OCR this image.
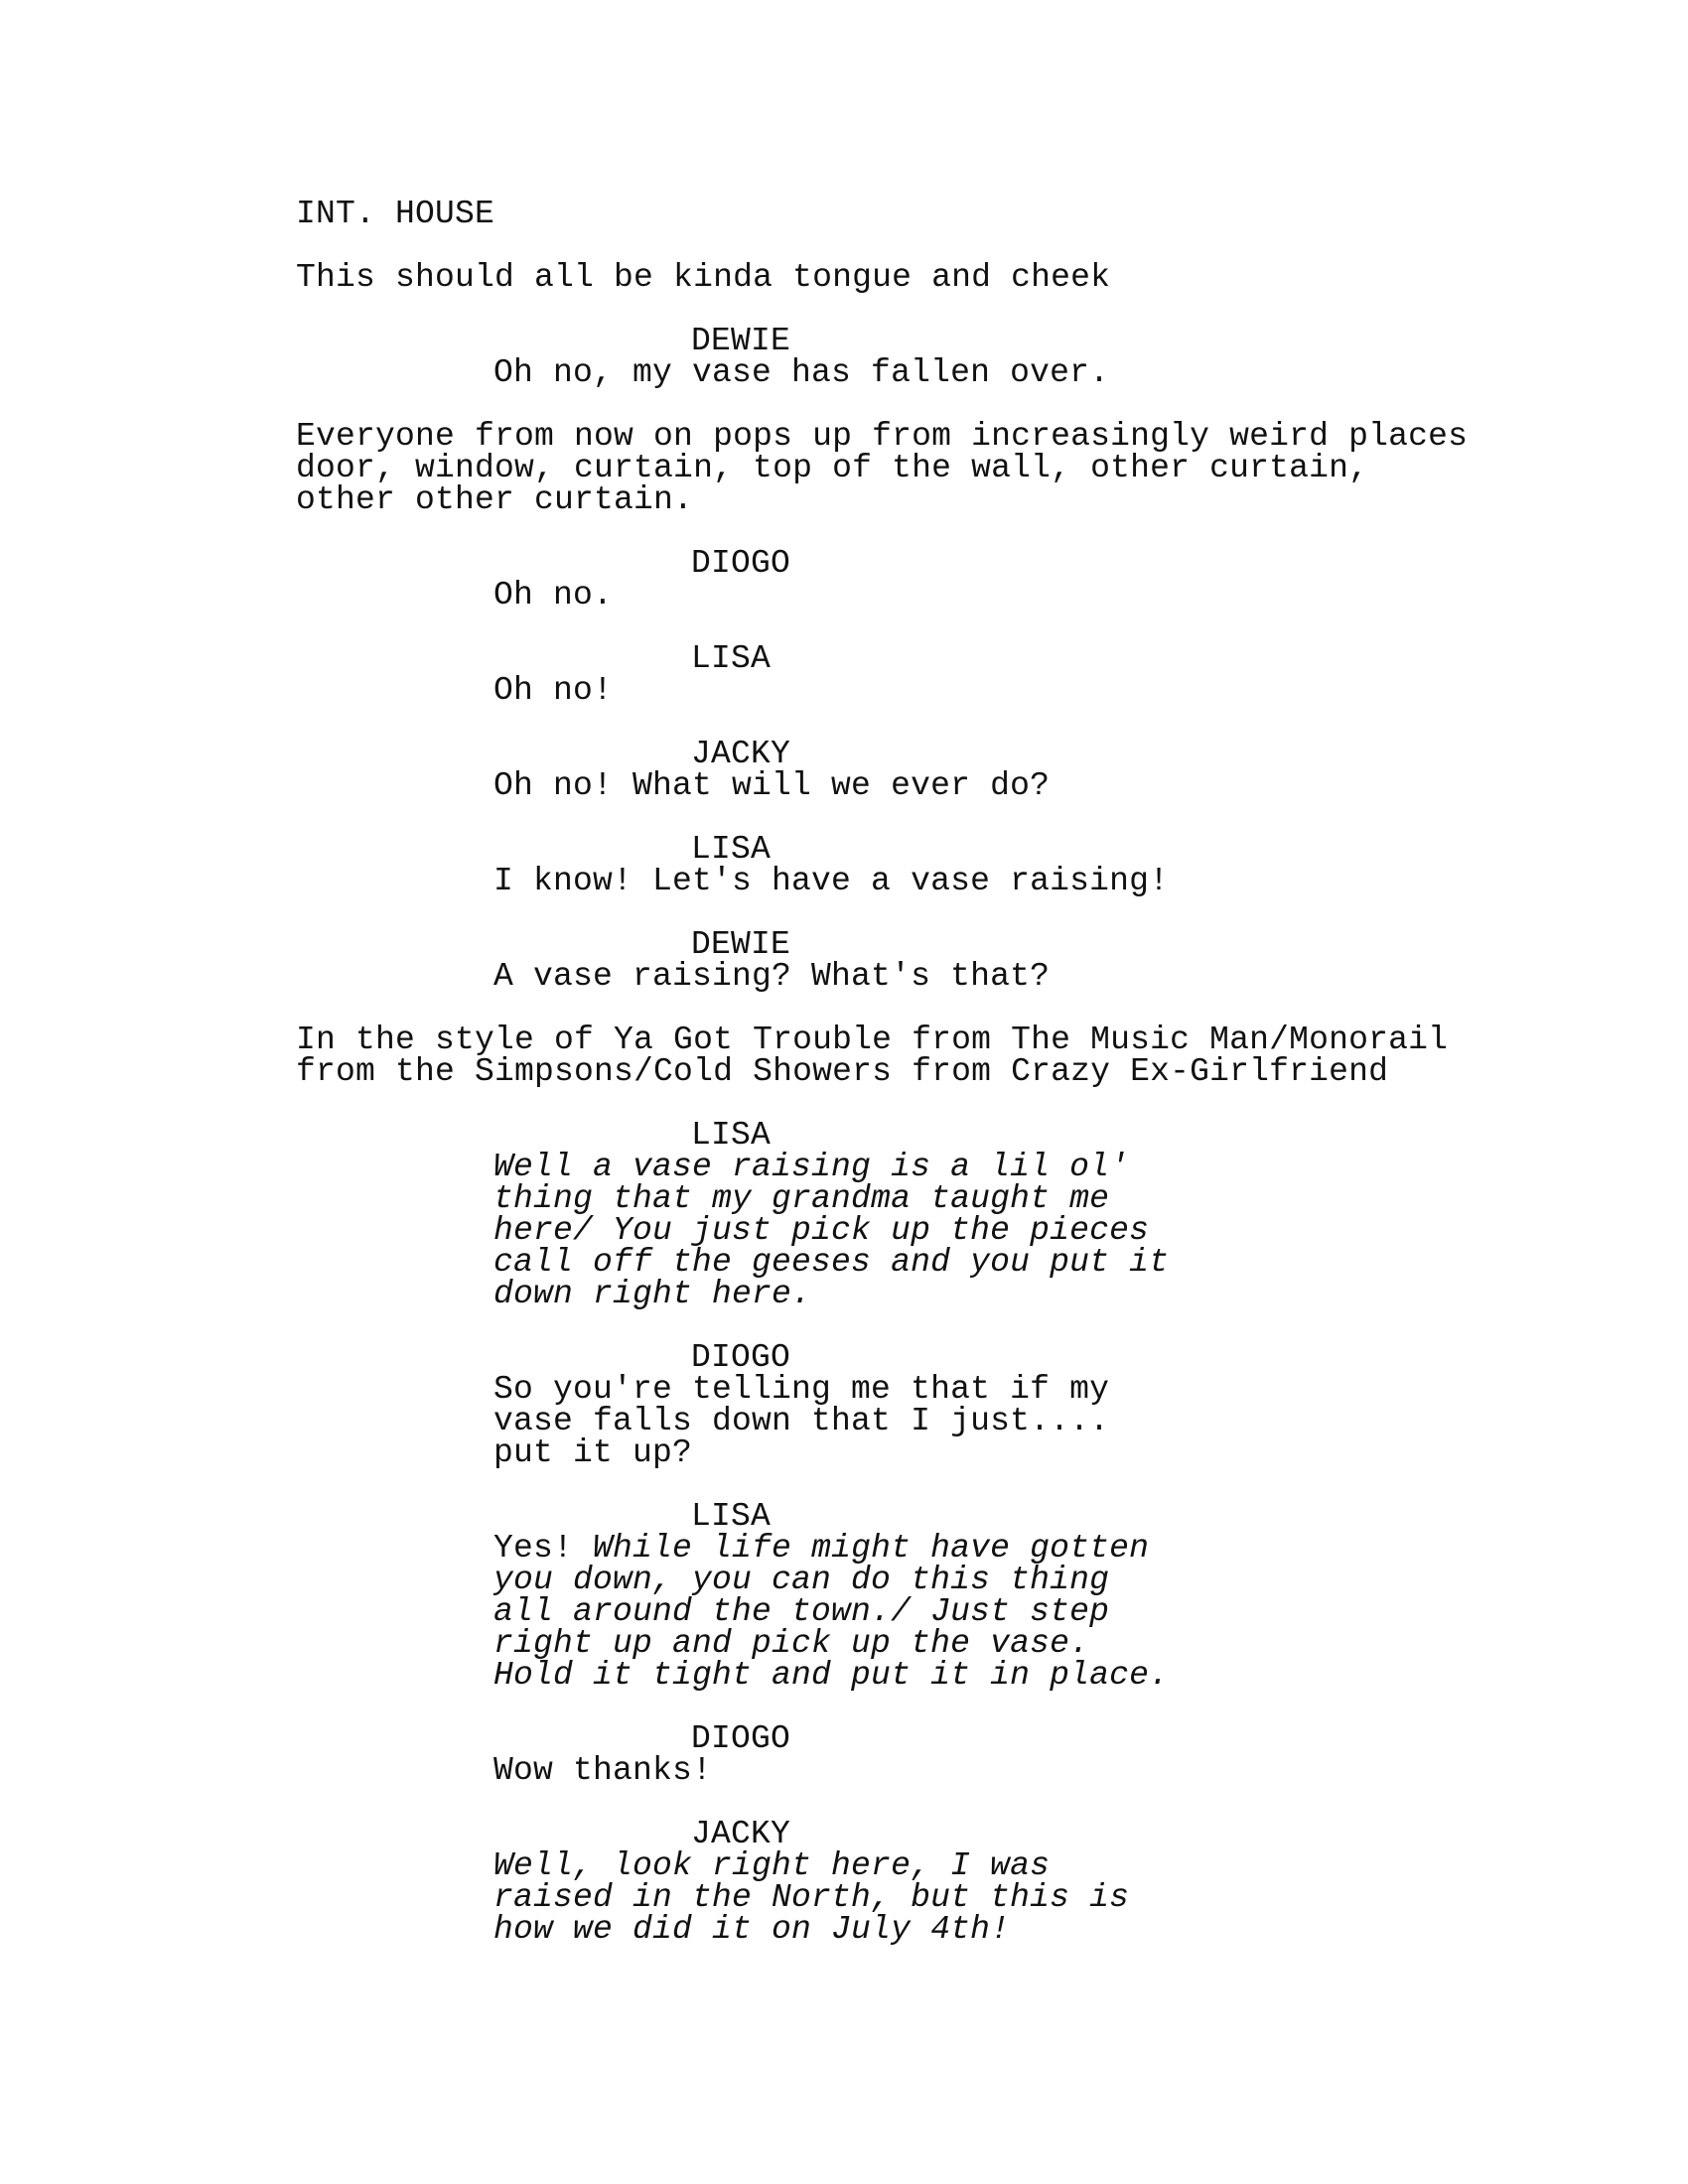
INT. HOUSE
This should all be kinda tongue and cheek
DEWIE
Oh no, my vase has fallen over.
Everyone from now on pops up from increasingly weird places
door, window, curtain, top of the wall, other curtain,
other other curtain.
DIOGO
Oh no.
LISA
Oh no!
JACKY
Oh no! What will we ever do?
LISA
I know! Let's have a vase raising!
DEWIE
A vase raising? What's that?
In the style of Ya Got Trouble from The Music Man/Monorail
from the Simpsons/Cold Showers from Crazy Ex-Girlfriend
LISA
Well a vase raising is a lil ol'
thing that my grandma taught me
here/ You just pick up the pieces
call off the geeses and you put it
down right here.
DIOGO
So you're telling me that if my
vase falls down that I just....
put it up?
LISA
Yes! While life might have gotten
you down, you can do this thing
all around the town./ Just step
right up and pick up the vase.
Hold it tight and put it in place.
DIOGO
Wow thanks!
JACKY
Well, look right here, I was
raised in the North, but this is
how we did it on July 4th!
